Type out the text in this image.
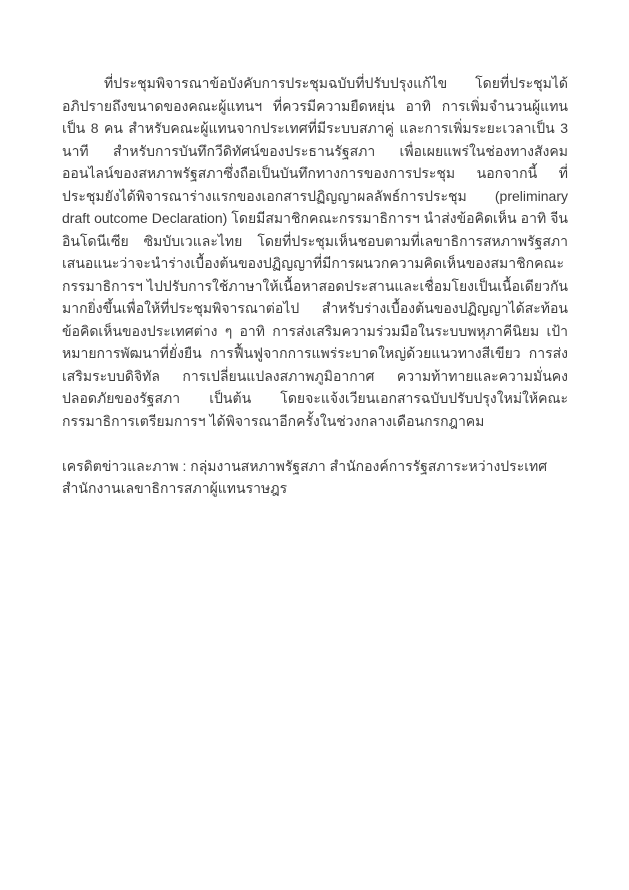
ที่ประชุมพิจารณาข้อบังคับการประชุมฉบับที่ปรับปรุงแก้ไข โดยที่ประชุมได้อภิปรายถึงขนาดของคณะผู้แทนฯ ที่ควรมีความยืดหยุ่น อาทิ การเพิ่มจำนวนผู้แทนเป็น 8 คน สำหรับคณะผู้แทนจากประเทศที่มีระบบสภาคู่ และการเพิ่มระยะเวลาเป็น 3 นาที สำหรับการบันทึกวีดิทัศน์ของประธานรัฐสภา เพื่อเผยแพร่ในช่องทางสังคมออนไลน์ของสหภาพรัฐสภาซึ่งถือเป็นบันทึกทางการของการประชุม นอกจากนี้ ที่ประชุมยังได้พิจารณาร่างแรกของเอกสารปฏิญญาผลลัพธ์การประชุม (preliminary draft outcome Declaration) โดยมีสมาชิกคณะกรรมาธิการฯ นำส่งข้อคิดเห็น อาทิ จีน อินโดนีเซีย ซิมบับเวและไทย โดยที่ประชุมเห็นชอบตามที่เลขาธิการสหภาพรัฐสภาเสนอแนะว่าจะนำร่างเบื้องต้นของปฏิญญาที่มีการผนวกความคิดเห็นของสมาชิกคณะกรรมาธิการฯ ไปปรับการใช้ภาษาให้เนื้อหาสอดประสานและเชื่อมโยงเป็นเนื้อเดียวกันมากยิ่งขึ้นเพื่อให้ที่ประชุมพิจารณาต่อไป สำหรับร่างเบื้องต้นของปฏิญญาได้สะท้อนข้อคิดเห็นของประเทศต่าง ๆ อาทิ การส่งเสริมความร่วมมือในระบบพหุภาคีนิยม เป้าหมายการพัฒนาที่ยั่งยืน การฟื้นฟูจากการแพร่ระบาดใหญ่ด้วยแนวทางสีเขียว การส่งเสริมระบบดิจิทัล การเปลี่ยนแปลงสภาพภูมิอากาศ ความท้าทายและความมั่นคงปลอดภัยของรัฐสภา เป็นต้น โดยจะแจ้งเวียนเอกสารฉบับปรับปรุงใหม่ให้คณะกรรมาธิการเตรียมการฯ ได้พิจารณาอีกครั้งในช่วงกลางเดือนกรกฎาคม
เครดิตข่าวและภาพ : กลุ่มงานสหภาพรัฐสภา สำนักองค์การรัฐสภาระหว่างประเทศ สำนักงานเลขาธิการสภาผู้แทนราษฎร
